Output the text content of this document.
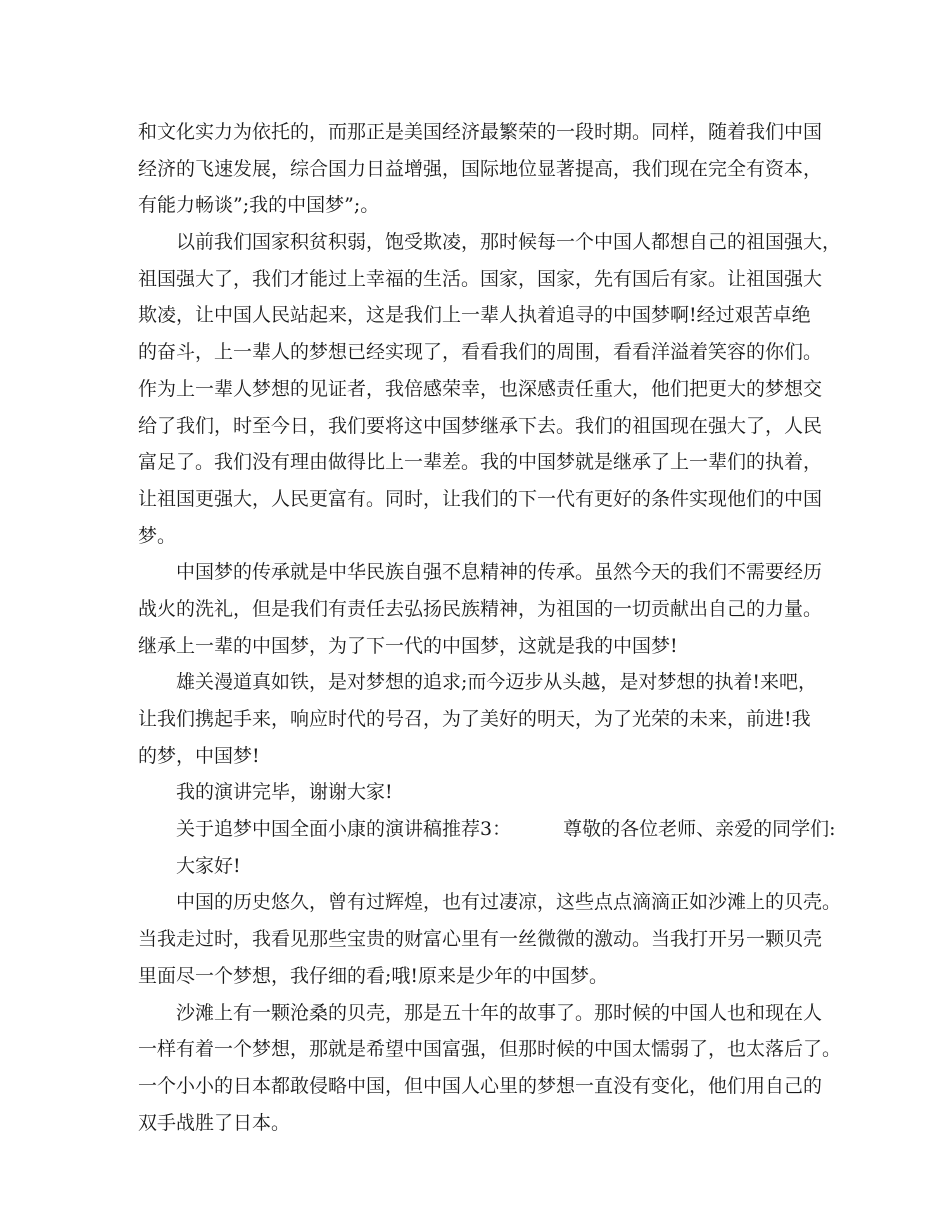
和文化实力为依托的，而那正是美国经济最繁荣的一段时期。同样，随着我们中国
经济的飞速发展，综合国力日益增强，国际地位显著提高，我们现在完全有资本，
有能力畅谈”;我的中国梦”;。
以前我们国家积贫积弱，饱受欺凌，那时候每一个中国人都想自己的祖国强大，
祖国强大了，我们才能过上幸福的生活。国家，国家，先有国后有家。让祖国强大
欺凌，让中国人民站起来，这是我们上一辈人执着追寻的中国梦啊!经过艰苦卓绝
的奋斗，上一辈人的梦想已经实现了，看看我们的周围，看看洋溢着笑容的你们。
作为上一辈人梦想的见证者，我倍感荣幸，也深感责任重大，他们把更大的梦想交
给了我们，时至今日，我们要将这中国梦继承下去。我们的祖国现在强大了，人民
富足了。我们没有理由做得比上一辈差。我的中国梦就是继承了上一辈们的执着，
让祖国更强大，人民更富有。同时，让我们的下一代有更好的条件实现他们的中国
梦。
中国梦的传承就是中华民族自强不息精神的传承。虽然今天的我们不需要经历
战火的洗礼，但是我们有责任去弘扬民族精神，为祖国的一切贡献出自己的力量。
继承上一辈的中国梦，为了下一代的中国梦，这就是我的中国梦!
雄关漫道真如铁，是对梦想的追求;而今迈步从头越，是对梦想的执着!来吧，
让我们携起手来，响应时代的号召，为了美好的明天，为了光荣的未来，前进!我
的梦，中国梦!
我的演讲完毕，谢谢大家!
关于追梦中国全面小康的演讲稿推荐3：	尊敬的各位老师、亲爱的同学们:
大家好!
中国的历史悠久，曾有过辉煌，也有过凄凉，这些点点滴滴正如沙滩上的贝壳。
当我走过时，我看见那些宝贵的财富心里有一丝微微的激动。当我打开另一颗贝壳
里面尽一个梦想，我仔细的看;哦!原来是少年的中国梦。
沙滩上有一颗沧桑的贝壳，那是五十年的故事了。那时候的中国人也和现在人
一样有着一个梦想，那就是希望中国富强，但那时候的中国太懦弱了，也太落后了。
一个小小的日本都敢侵略中国，但中国人心里的梦想一直没有变化，他们用自己的
双手战胜了日本。
